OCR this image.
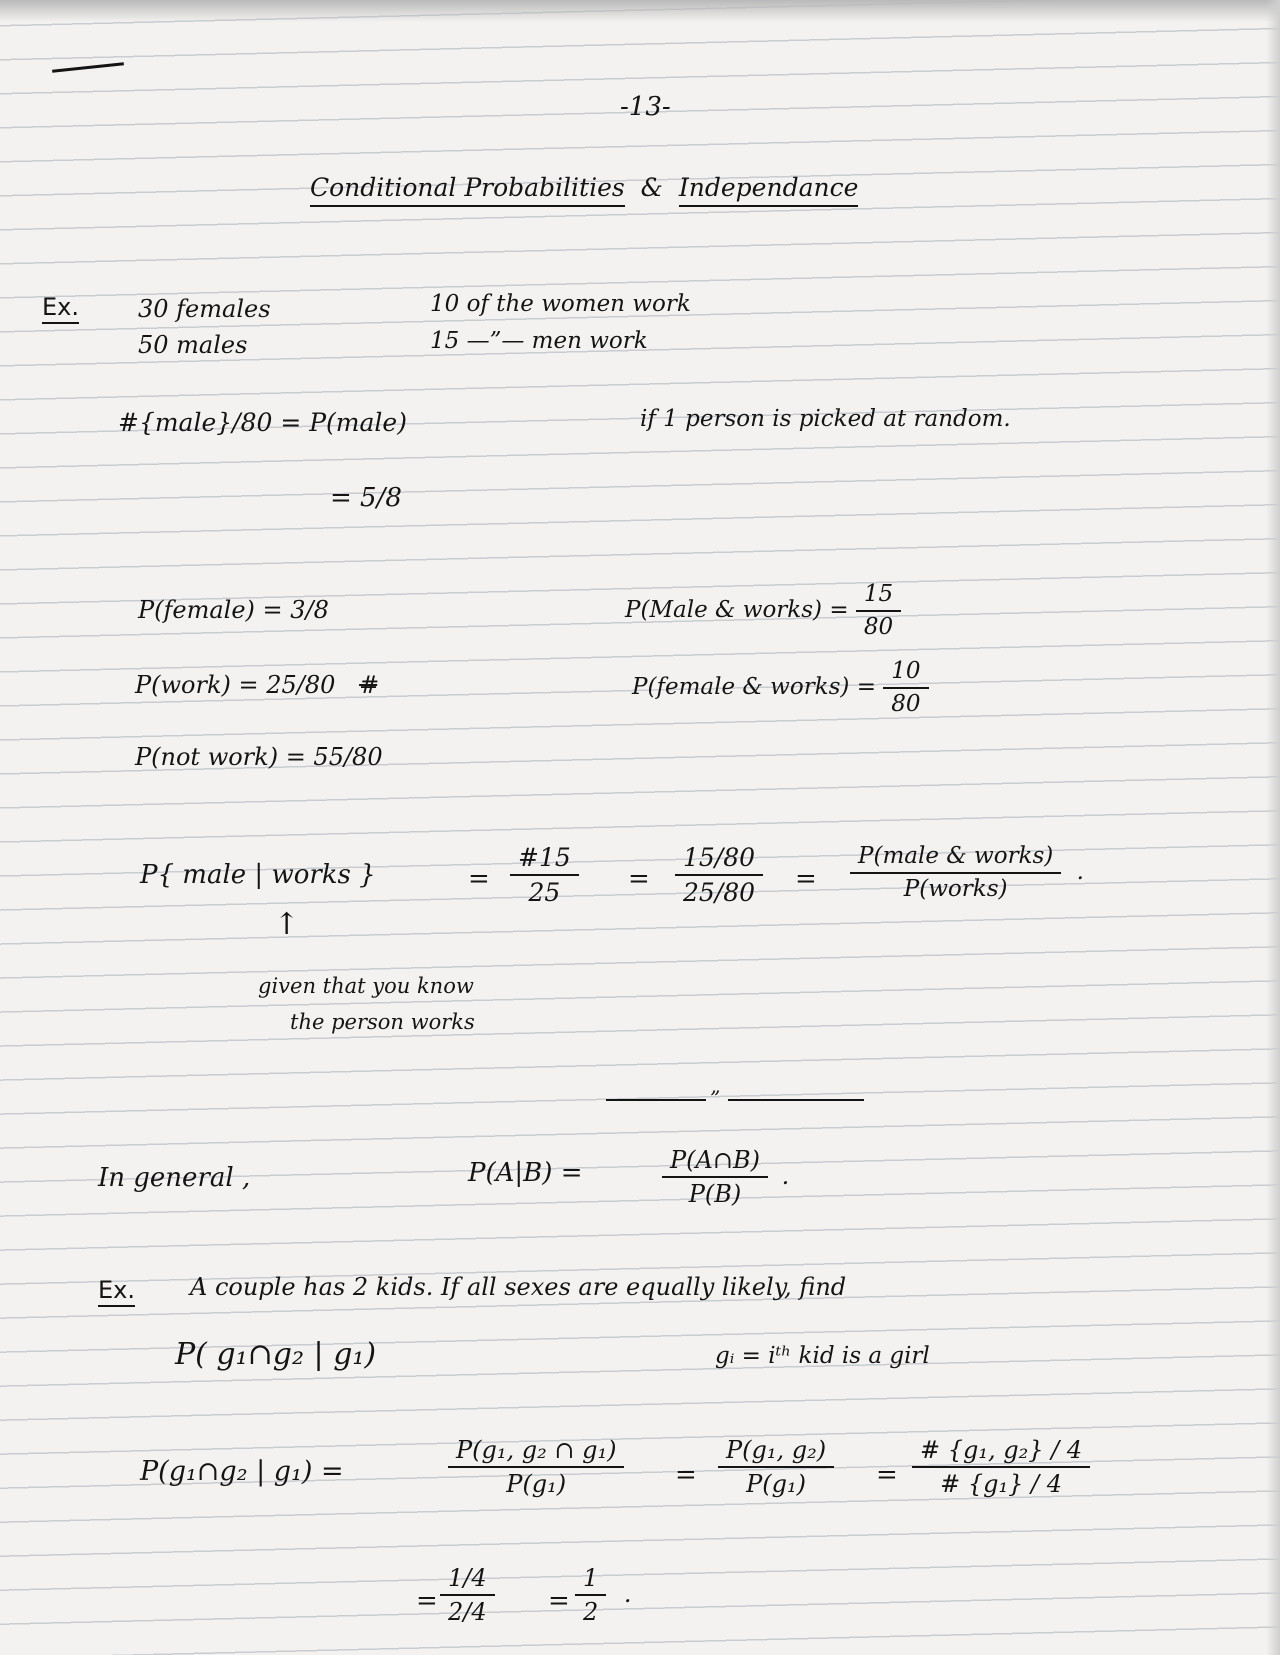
-13-
Conditional Probabilities & Independance
Ex. 30 females
50 males
10 of the women work
15 —”— men work
#{male}/80 = P(male)	if 1 person is picked at random.
= 5/8
P(female) = 3/8
P(work) = 25/80 #
P(not work) = 55/80
P(Male & works) = $\frac{15}{80}$
P(female & works) = $\frac{10}{80}$
P{ male | works }	= $\frac{\#15}{25} = \frac{15/80}{25/80} = \frac{\text{P(male \& works)}}{\text{P(works)}}$ .
↑
given that you know
the person works
”
In general ,	P(A|B) =	$\frac{P(A\cap B)}{P(B)}$ .
Ex. A couple has 2 kids. If all sexes are equally likely, find
P( g₁∩g₂ | g₁)	gᵢ = iᵗʰ kid is a girl
P(g₁∩g₂ | g₁) =	$\frac{\text{P(g₁, g₂ ∩ g₁)}}{\text{P(g₁)}} = \frac{\text{P(g₁, g₂)}}{\text{P(g₁)}} = \frac{\text{\# \{g₁, g₂\} / 4}}{\text{\# \{g₁\} / 4}}$
= $\frac{1/4}{2/4} = \frac{1}{2}$ .
